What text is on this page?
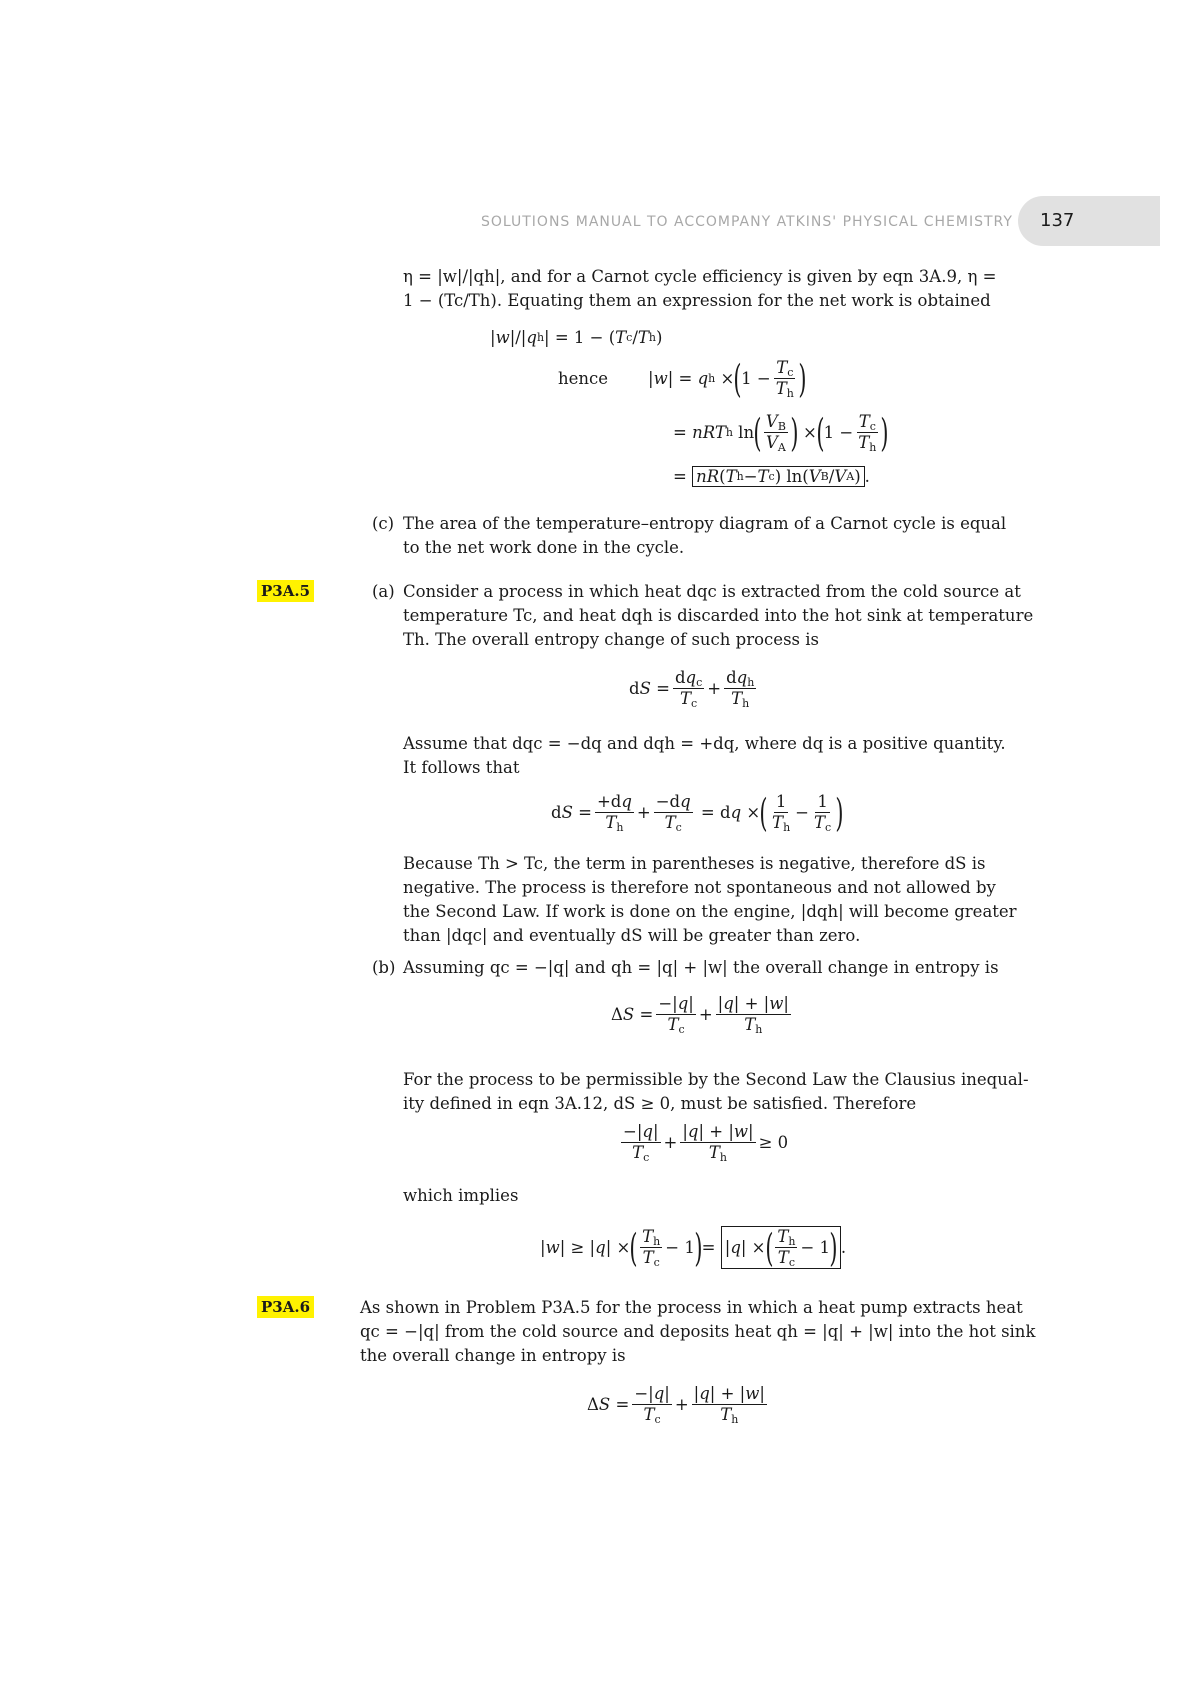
SOLUTIONS MANUAL TO ACCOMPANY ATKINS' PHYSICAL CHEMISTRY 137
η = |w|/|qh|, and for a Carnot cycle efficiency is given by eqn 3A.9, η =
1 − (Tc/Th). Equating them an expression for the net work is obtained
| w |/| q h | = 1 − ( T c / T h )
hence | w | = q h × ( $1 - \frac{T_c}{T_h}$ )
= nRT h ln ( $\frac{V_B}{V_A}$ ) × ( $1 - \frac{T_c}{T_h}$ )
= nR ( T h − T c ) ln( V B / V A ) .
(c) The area of the temperature–entropy diagram of a Carnot cycle is equal
to the net work done in the cycle.
P3A.5	(a) Consider a process in which heat dqc is extracted from the cold source at
temperature Tc, and heat dqh is discarded into the hot sink at temperature
Th. The overall entropy change of such process is
d $S = \frac{dq_c}{T_c} + \frac{dq_h}{T_h}$
Assume that dqc = −dq and dqh = +dq, where dq is a positive quantity.
It follows that
d $S = \frac{+dq}{T_h} + \frac{-dq}{T_c} = d$ q × ( $\frac{1}{T_h} - \frac{1}{T_c}$ )
Because Th > Tc, the term in parentheses is negative, therefore dS is
negative. The process is therefore not spontaneous and not allowed by
the Second Law. If work is done on the engine, |dqh| will become greater
than |dqc| and eventually dS will be greater than zero.
(b) Assuming qc = −|q| and qh = |q| + |w| the overall change in entropy is
Δ $S = \frac{-|q|}{T_c} + \frac{|q| + |w|}{T_h}$
For the process to be permissible by the Second Law the Clausius inequal-
ity defined in eqn 3A.12, dS ≥ 0, must be satisfied. Therefore
$\frac{-|q|}{T_c} + \frac{|q| + |w|}{T_h} \ge 0$
which implies
| w | ≥ | q | × ( $\frac{T_h}{T_c} - 1$ ) = | q | × ( $\frac{T_h}{T_c} - 1$ ) .
P3A.6	As shown in Problem P3A.5 for the process in which a heat pump extracts heat
qc = −|q| from the cold source and deposits heat qh = |q| + |w| into the hot sink
the overall change in entropy is
Δ $S = \frac{-|q|}{T_c} + \frac{|q| + |w|}{T_h}$
